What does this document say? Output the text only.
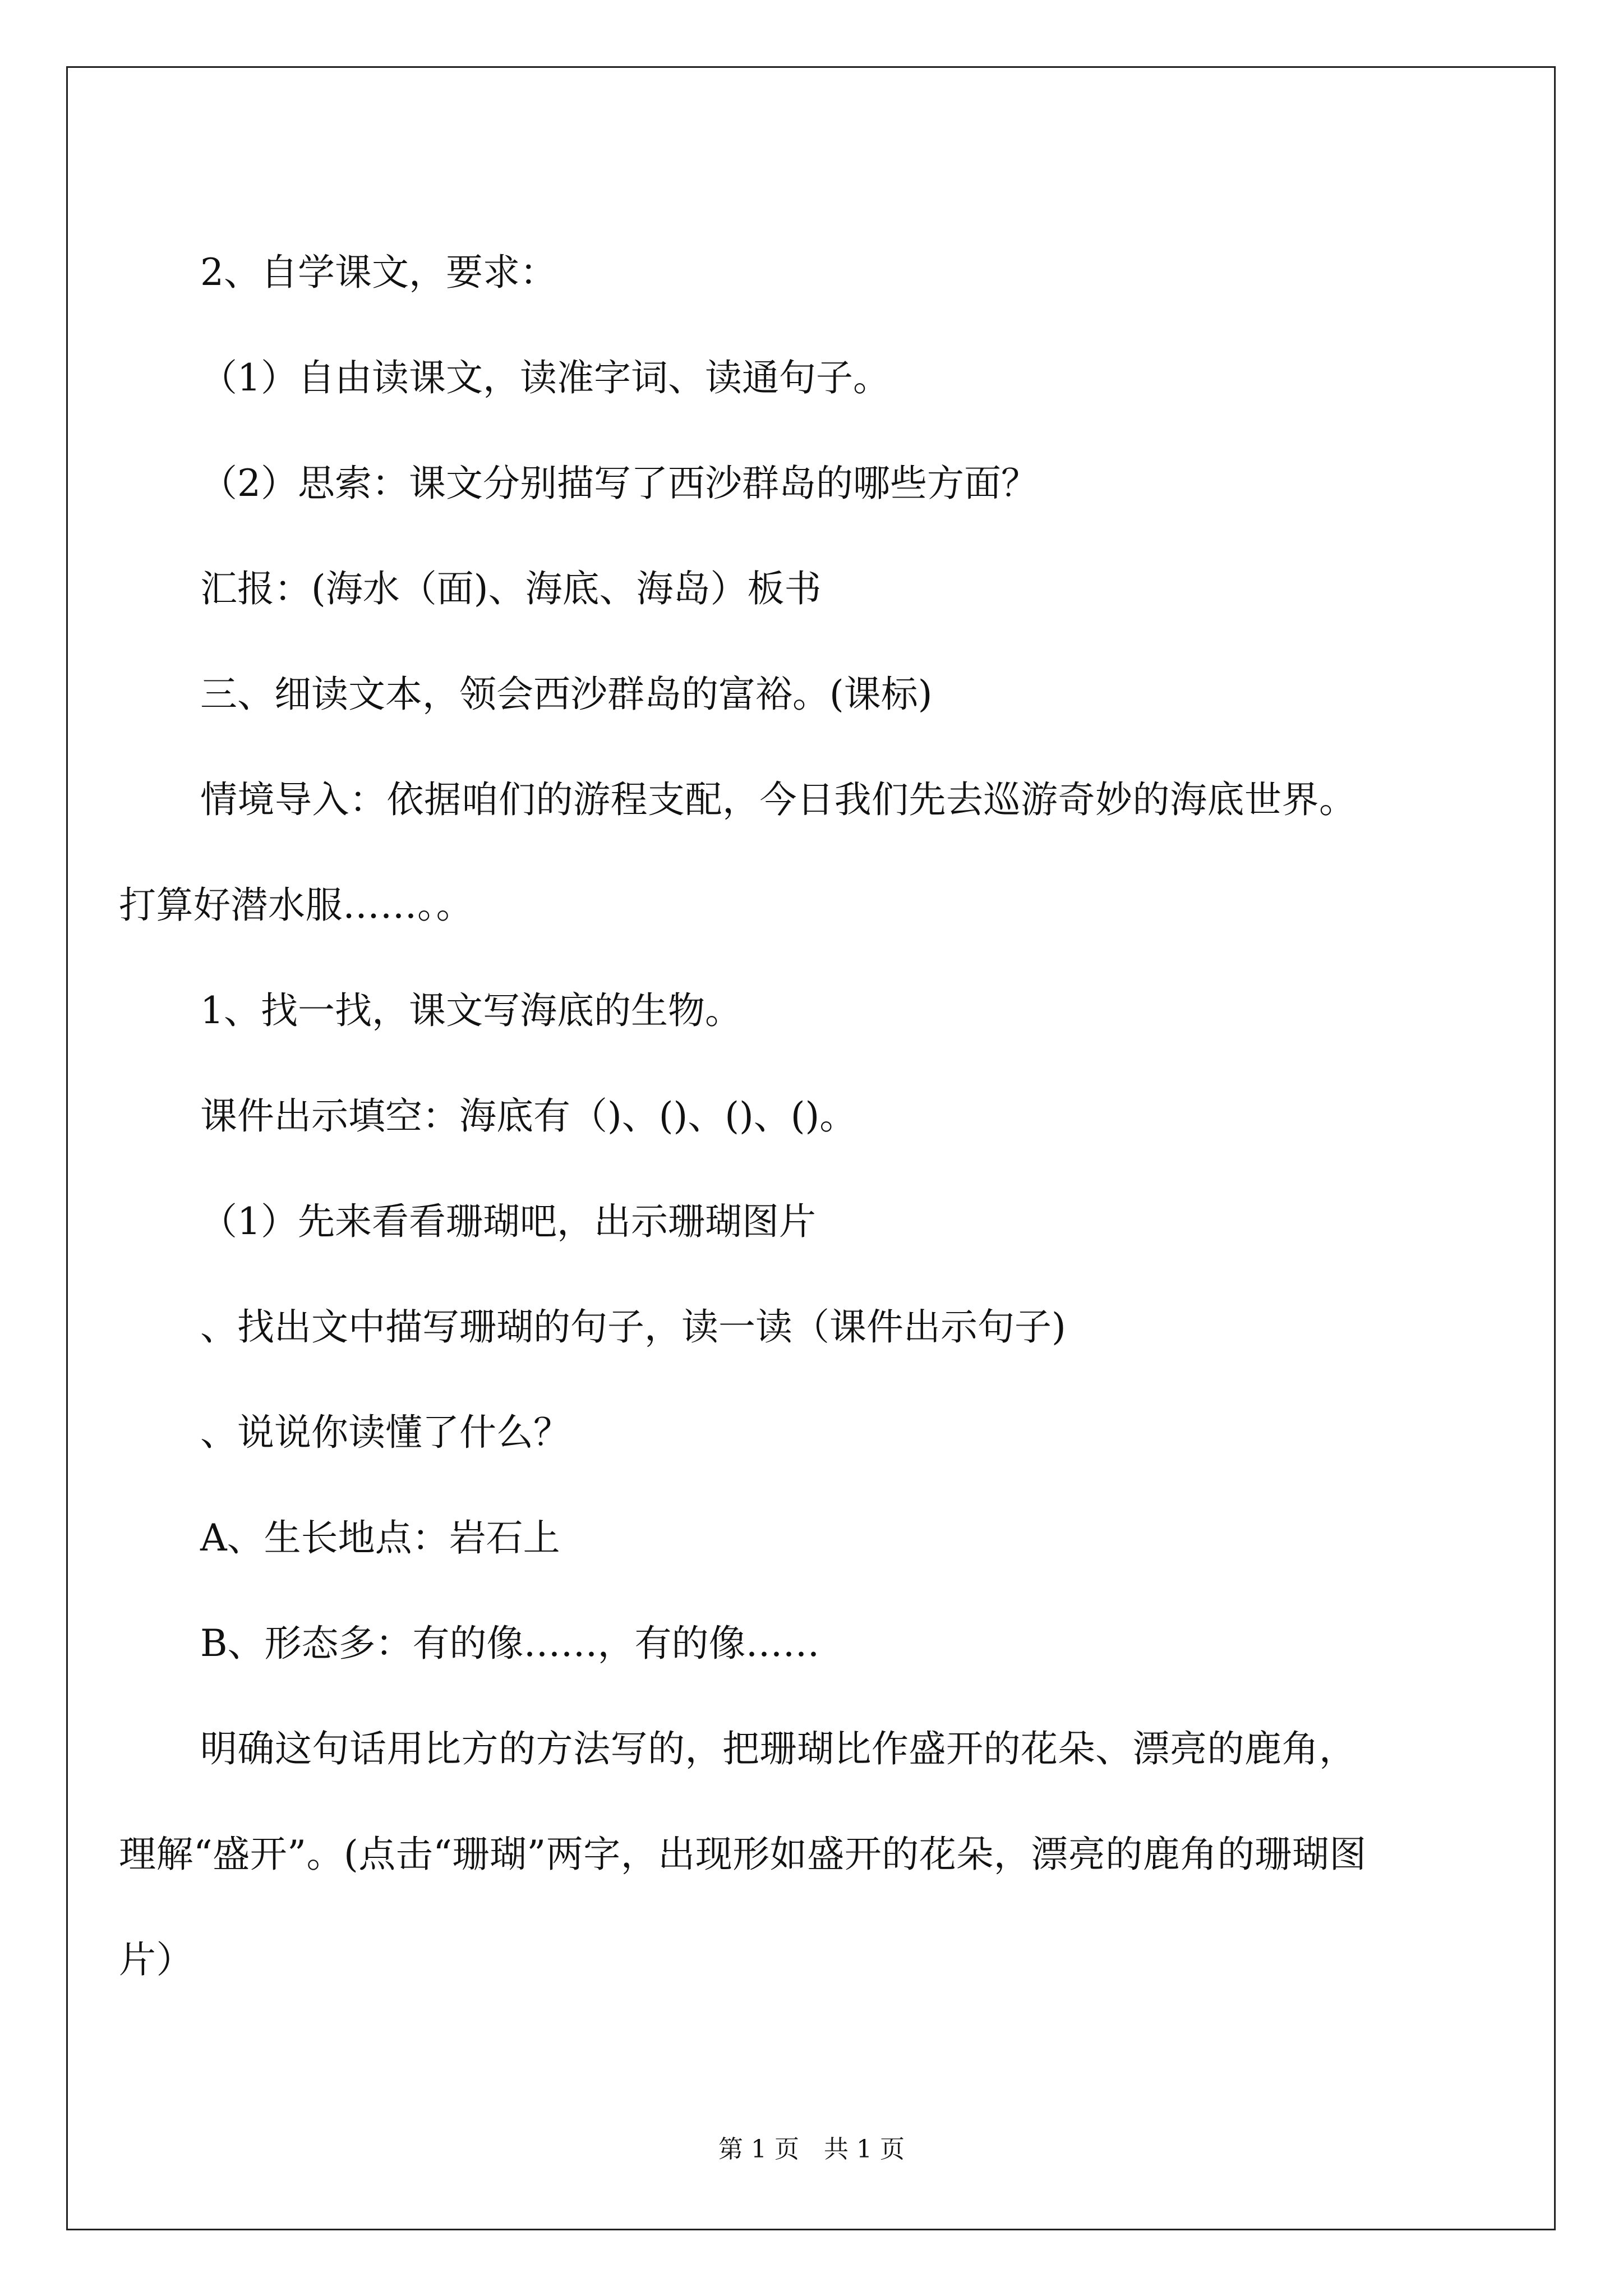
2、自学课文，要求：

（1）自由读课文，读准字词、读通句子。

（2）思索：课文分别描写了西沙群岛的哪些方面？

汇报：(海水（面)、海底、海岛）板书

三、细读文本，领会西沙群岛的富裕。(课标)

情境导入：依据咱们的游程支配，今日我们先去巡游奇妙的海底世界。打算好潜水服……。。

1、找一找，课文写海底的生物。

课件出示填空：海底有（)、()、()、()。

（1）先来看看珊瑚吧，出示珊瑚图片

、找出文中描写珊瑚的句子，读一读（课件出示句子)

、说说你读懂了什么？

A、生长地点：岩石上

B、形态多：有的像……，有的像……

明确这句话用比方的方法写的，把珊瑚比作盛开的花朵、漂亮的鹿角，理解“盛开”。(点击“珊瑚”两字，出现形如盛开的花朵，漂亮的鹿角的珊瑚图片）

第 1 页　共 1 页
